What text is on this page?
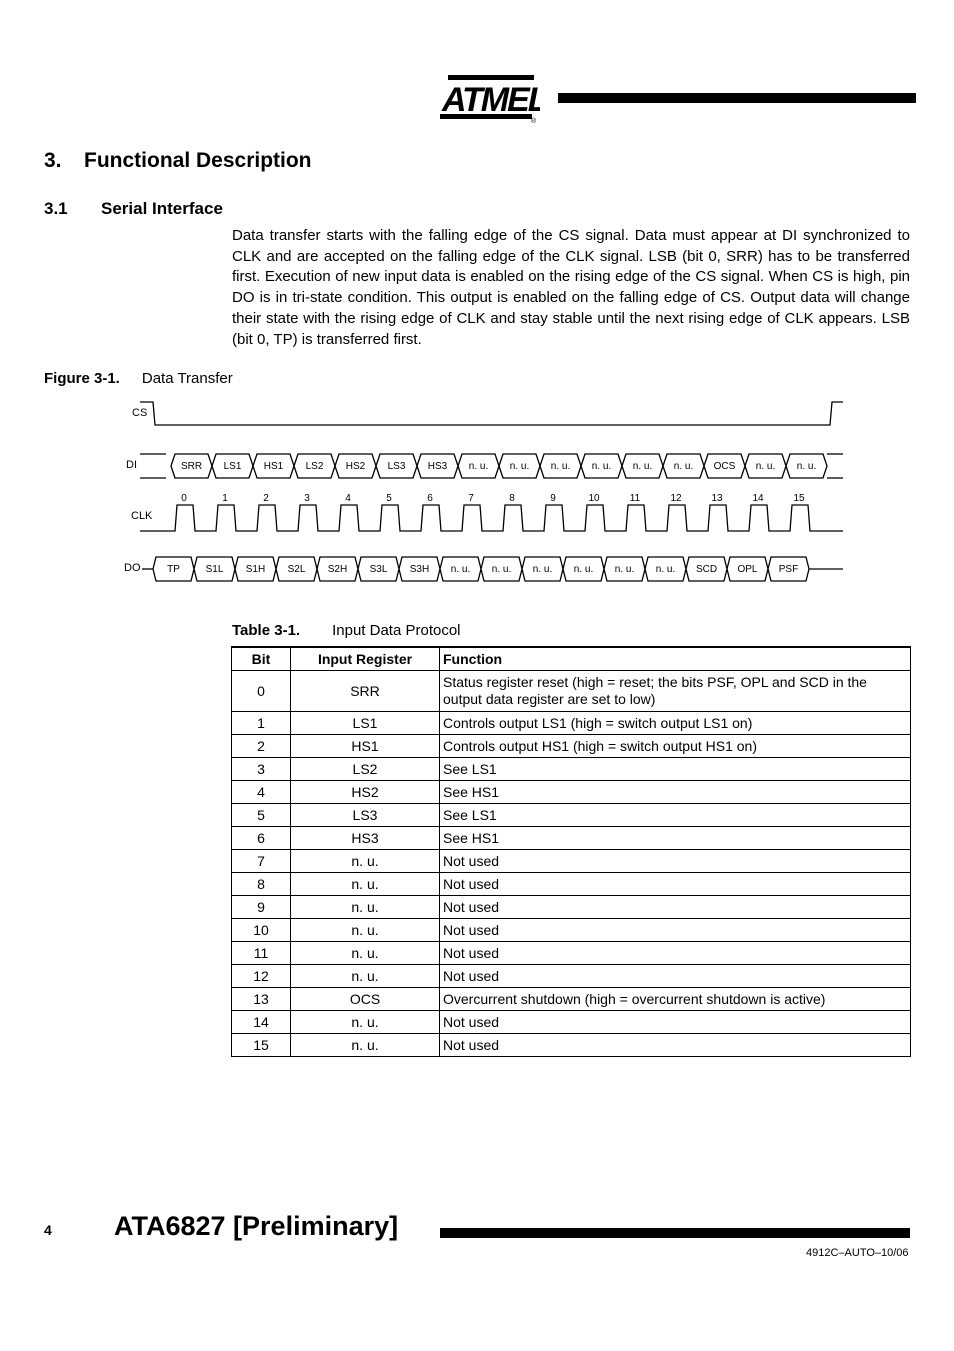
ATMEL
®
3. Functional Description
3.1 Serial Interface

Data transfer starts with the falling edge of the CS signal. Data must appear at DI synchronized to CLK and are accepted on the falling edge of the CLK signal. LSB (bit 0, SRR) has to be transferred first. Execution of new input data is enabled on the rising edge of the CS signal. When CS is high, pin DO is in tri-state condition. This output is enabled on the falling edge of CS. Output data will change their state with the rising edge of CLK and stay stable until the next rising edge of CLK appears. LSB (bit 0, TP) is transferred first.

Figure 3-1. Data Transfer
CS
DI
CLK
DO
SRR LS1 HS1 LS2 HS2 LS3 HS3 n. u. n. u. n. u. n. u. n. u. n. u. OCS n. u. n. u.
0	1	2	3	4	5	6	7	8	9	10	11	12	13	14	15
TP	S1L S1H S2L S2H S3L S3H n. u. n. u. n. u. n. u. n. u. n. u. SCD OPL PSF
Table 3-1. Input Data Protocol
Bit	Input Register	Function
0	SRR	Status register reset (high = reset; the bits PSF, OPL and SCD in the output data register are set to low)
1	LS1	Controls output LS1 (high = switch output LS1 on)
2	HS1	Controls output HS1 (high = switch output HS1 on)
3	LS2	See LS1
4	HS2	See HS1
5	LS3	See LS1
6	HS3	See HS1
7	n. u.	Not used
8	n. u.	Not used
9	n. u.	Not used
10	n. u.	Not used
11	n. u.	Not used
12	n. u.	Not used
13	OCS	Overcurrent shutdown (high = overcurrent shutdown is active)
14	n. u.	Not used
15	n. u.	Not used
4 ATA6827 [Preliminary]
4912C–AUTO–10/06
